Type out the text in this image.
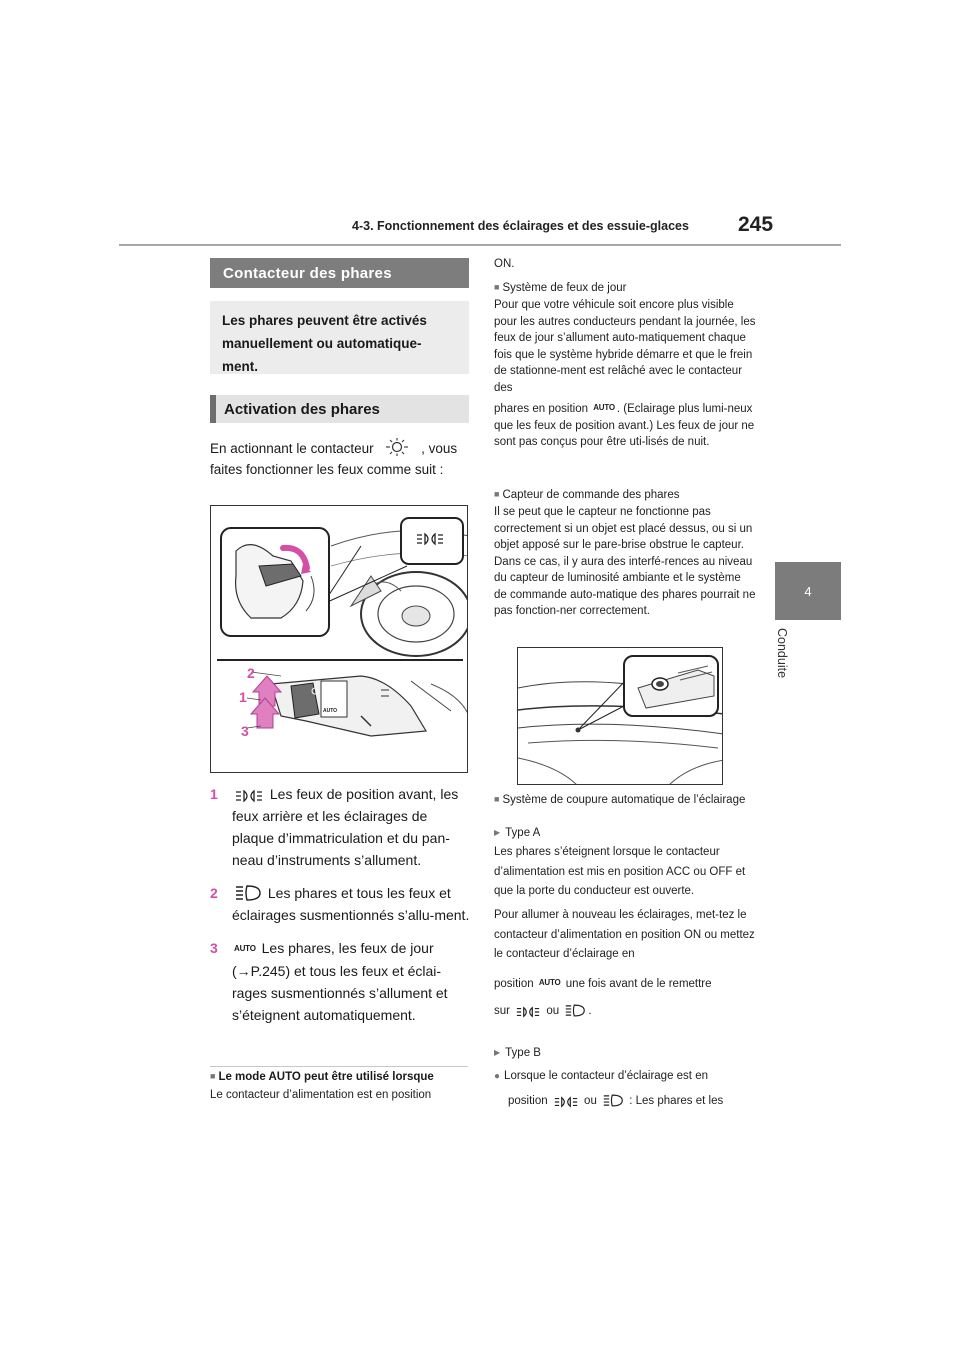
4-3. Fonctionnement des éclairages et des essuie-glaces 245
4
Conduite
Contacteur des phares
Les phares peuvent être activés manuellement ou automatique-ment.
Activation des phares
En actionnant le contacteur	, vous faites fonctionner les feux comme suit :
AUTO
2
1
3
1	Les feux de position avant, les feux arrière et les éclairages de plaque d’immatriculation et du pan-neau d’instruments s’allument.
2	Les phares et tous les feux et éclairages susmentionnés s’allu-ment.
3	AUTO Les phares, les feux de jour (→P.245) et tous les feux et éclai-rages susmentionnés s’allument et s’éteignent automatiquement.
■ Le mode AUTO peut être utilisé lorsque
Le contacteur d’alimentation est en position
ON.
■ Système de feux de jour
Pour que votre véhicule soit encore plus visible pour les autres conducteurs pendant la journée, les feux de jour s’allument auto-matiquement chaque fois que le système hybride démarre et que le frein de stationne-ment est relâché avec le contacteur des
phares en position AUTO . (Eclairage plus lumi-neux que les feux de position avant.) Les feux de jour ne sont pas conçus pour être uti-lisés de nuit.
■ Capteur de commande des phares
Il se peut que le capteur ne fonctionne pas correctement si un objet est placé dessus, ou si un objet apposé sur le pare-brise obstrue le capteur. Dans ce cas, il y aura des interfé-rences au niveau du capteur de luminosité ambiante et le système de commande auto-matique des phares pourrait ne pas fonction-ner correctement.
■ Système de coupure automatique de l’éclairage
▶ Type A
Les phares s’éteignent lorsque le contacteur d’alimentation est mis en position ACC ou OFF et que la porte du conducteur est ouverte.
Pour allumer à nouveau les éclairages, met-tez le contacteur d’alimentation en position ON ou mettez le contacteur d’éclairage en
position AUTO une fois avant de le remettre
sur	ou	.
▶ Type B
● Lorsque le contacteur d’éclairage est en
position	ou	: Les phares et les
